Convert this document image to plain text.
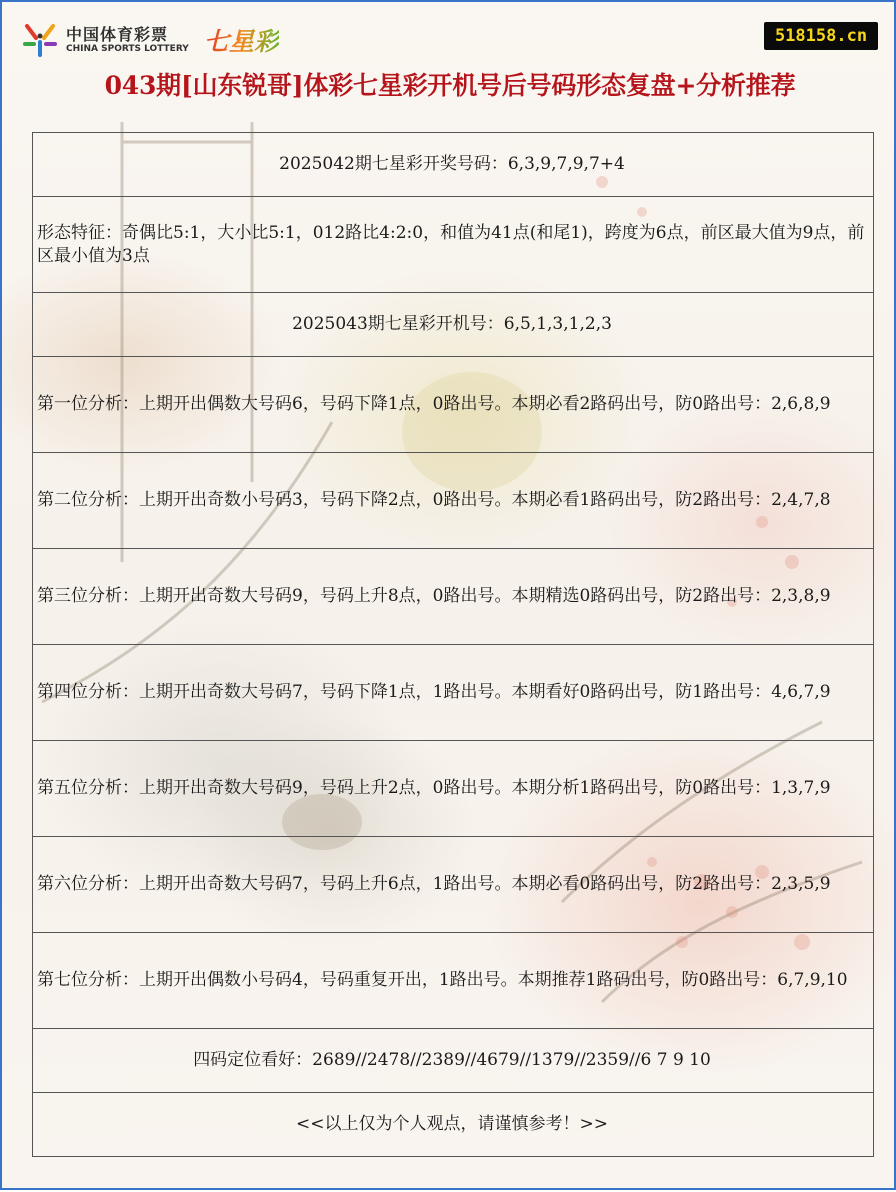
中国体育彩票
CHINA SPORTS LOTTERY 七星彩	518158.cn
043期[山东锐哥]体彩七星彩开机号后号码形态复盘+分析推荐
2025042期七星彩开奖号码：6,3,9,7,9,7+4
形态特征：奇偶比5:1，大小比5:1，012路比4:2:0，和值为41点(和尾1)，跨度为6点，前区最大值为9点，前区最小值为3点
2025043期七星彩开机号：6,5,1,3,1,2,3
第一位分析：上期开出偶数大号码6，号码下降1点，0路出号。本期必看2路码出号，防0路出号：2,6,8,9
第二位分析：上期开出奇数小号码3，号码下降2点，0路出号。本期必看1路码出号，防2路出号：2,4,7,8
第三位分析：上期开出奇数大号码9，号码上升8点，0路出号。本期精选0路码出号，防2路出号：2,3,8,9
第四位分析：上期开出奇数大号码7，号码下降1点，1路出号。本期看好0路码出号，防1路出号：4,6,7,9
第五位分析：上期开出奇数大号码9，号码上升2点，0路出号。本期分析1路码出号，防0路出号：1,3,7,9
第六位分析：上期开出奇数大号码7，号码上升6点，1路出号。本期必看0路码出号，防2路出号：2,3,5,9
第七位分析：上期开出偶数小号码4，号码重复开出，1路出号。本期推荐1路码出号，防0路出号：6,7,9,10
四码定位看好：2689//2478//2389//4679//1379//2359//6 7 9 10
<<以上仅为个人观点，请谨慎参考！>>
